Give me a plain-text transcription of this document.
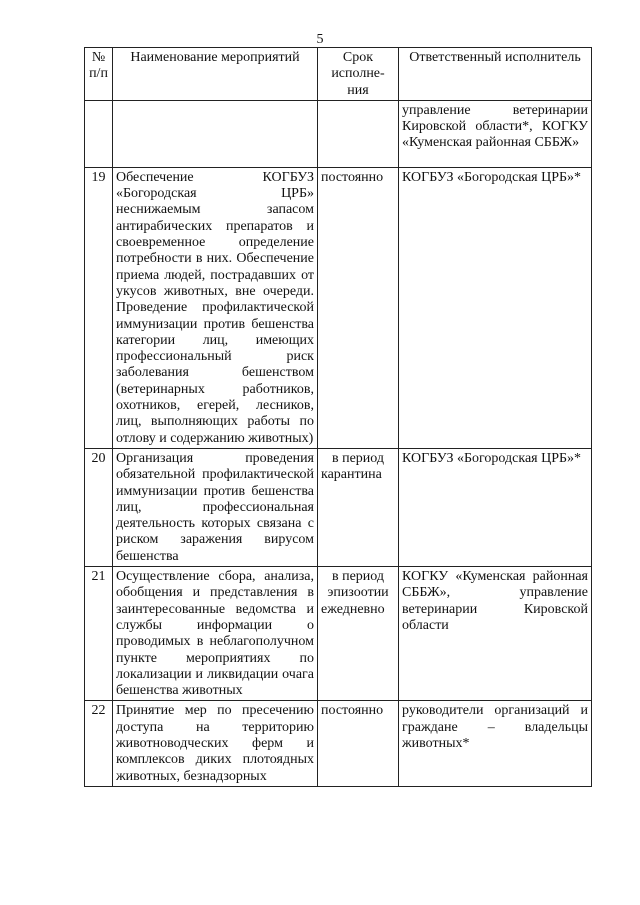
5
№ п/п	Наименование мероприятий	Срок исполне-ния	Ответственный исполнитель
			управление ветеринарии Кировской области*, КОГКУ «Куменская районная СББЖ»
19	Обеспечение КОГБУЗ «Богородская ЦРБ» неснижаемым запасом антирабических препаратов и своевременное определение потребности в них. Обеспечение приема людей, пострадавших от укусов животных, вне очереди. Проведение профилактической иммунизации против бешенства категории лиц, имеющих профессиональный риск заболевания бешенством (ветеринарных работников, охотников, егерей, лесников, лиц, выполняющих работы по отлову и содержанию животных)	постоянно	КОГБУЗ «Богородская ЦРБ»*
20	Организация проведения обязательной профилактической иммунизации против бешенства лиц, профессиональная деятельность которых связана с риском заражения вирусом бешенства	в период карантина	КОГБУЗ «Богородская ЦРБ»*
21	Осуществление сбора, анализа, обобщения и представления в заинтересованные ведомства и службы информации о проводимых в неблагополучном пункте мероприятиях по локализации и ликвидации очага бешенства животных	в период эпизоотии ежедневно	КОГКУ «Куменская районная СББЖ», управление ветеринарии Кировской области
22	Принятие мер по пресечению доступа на территорию животноводческих ферм и комплексов диких плотоядных животных, безнадзорных	постоянно	руководители организаций и граждане – владельцы животных*
